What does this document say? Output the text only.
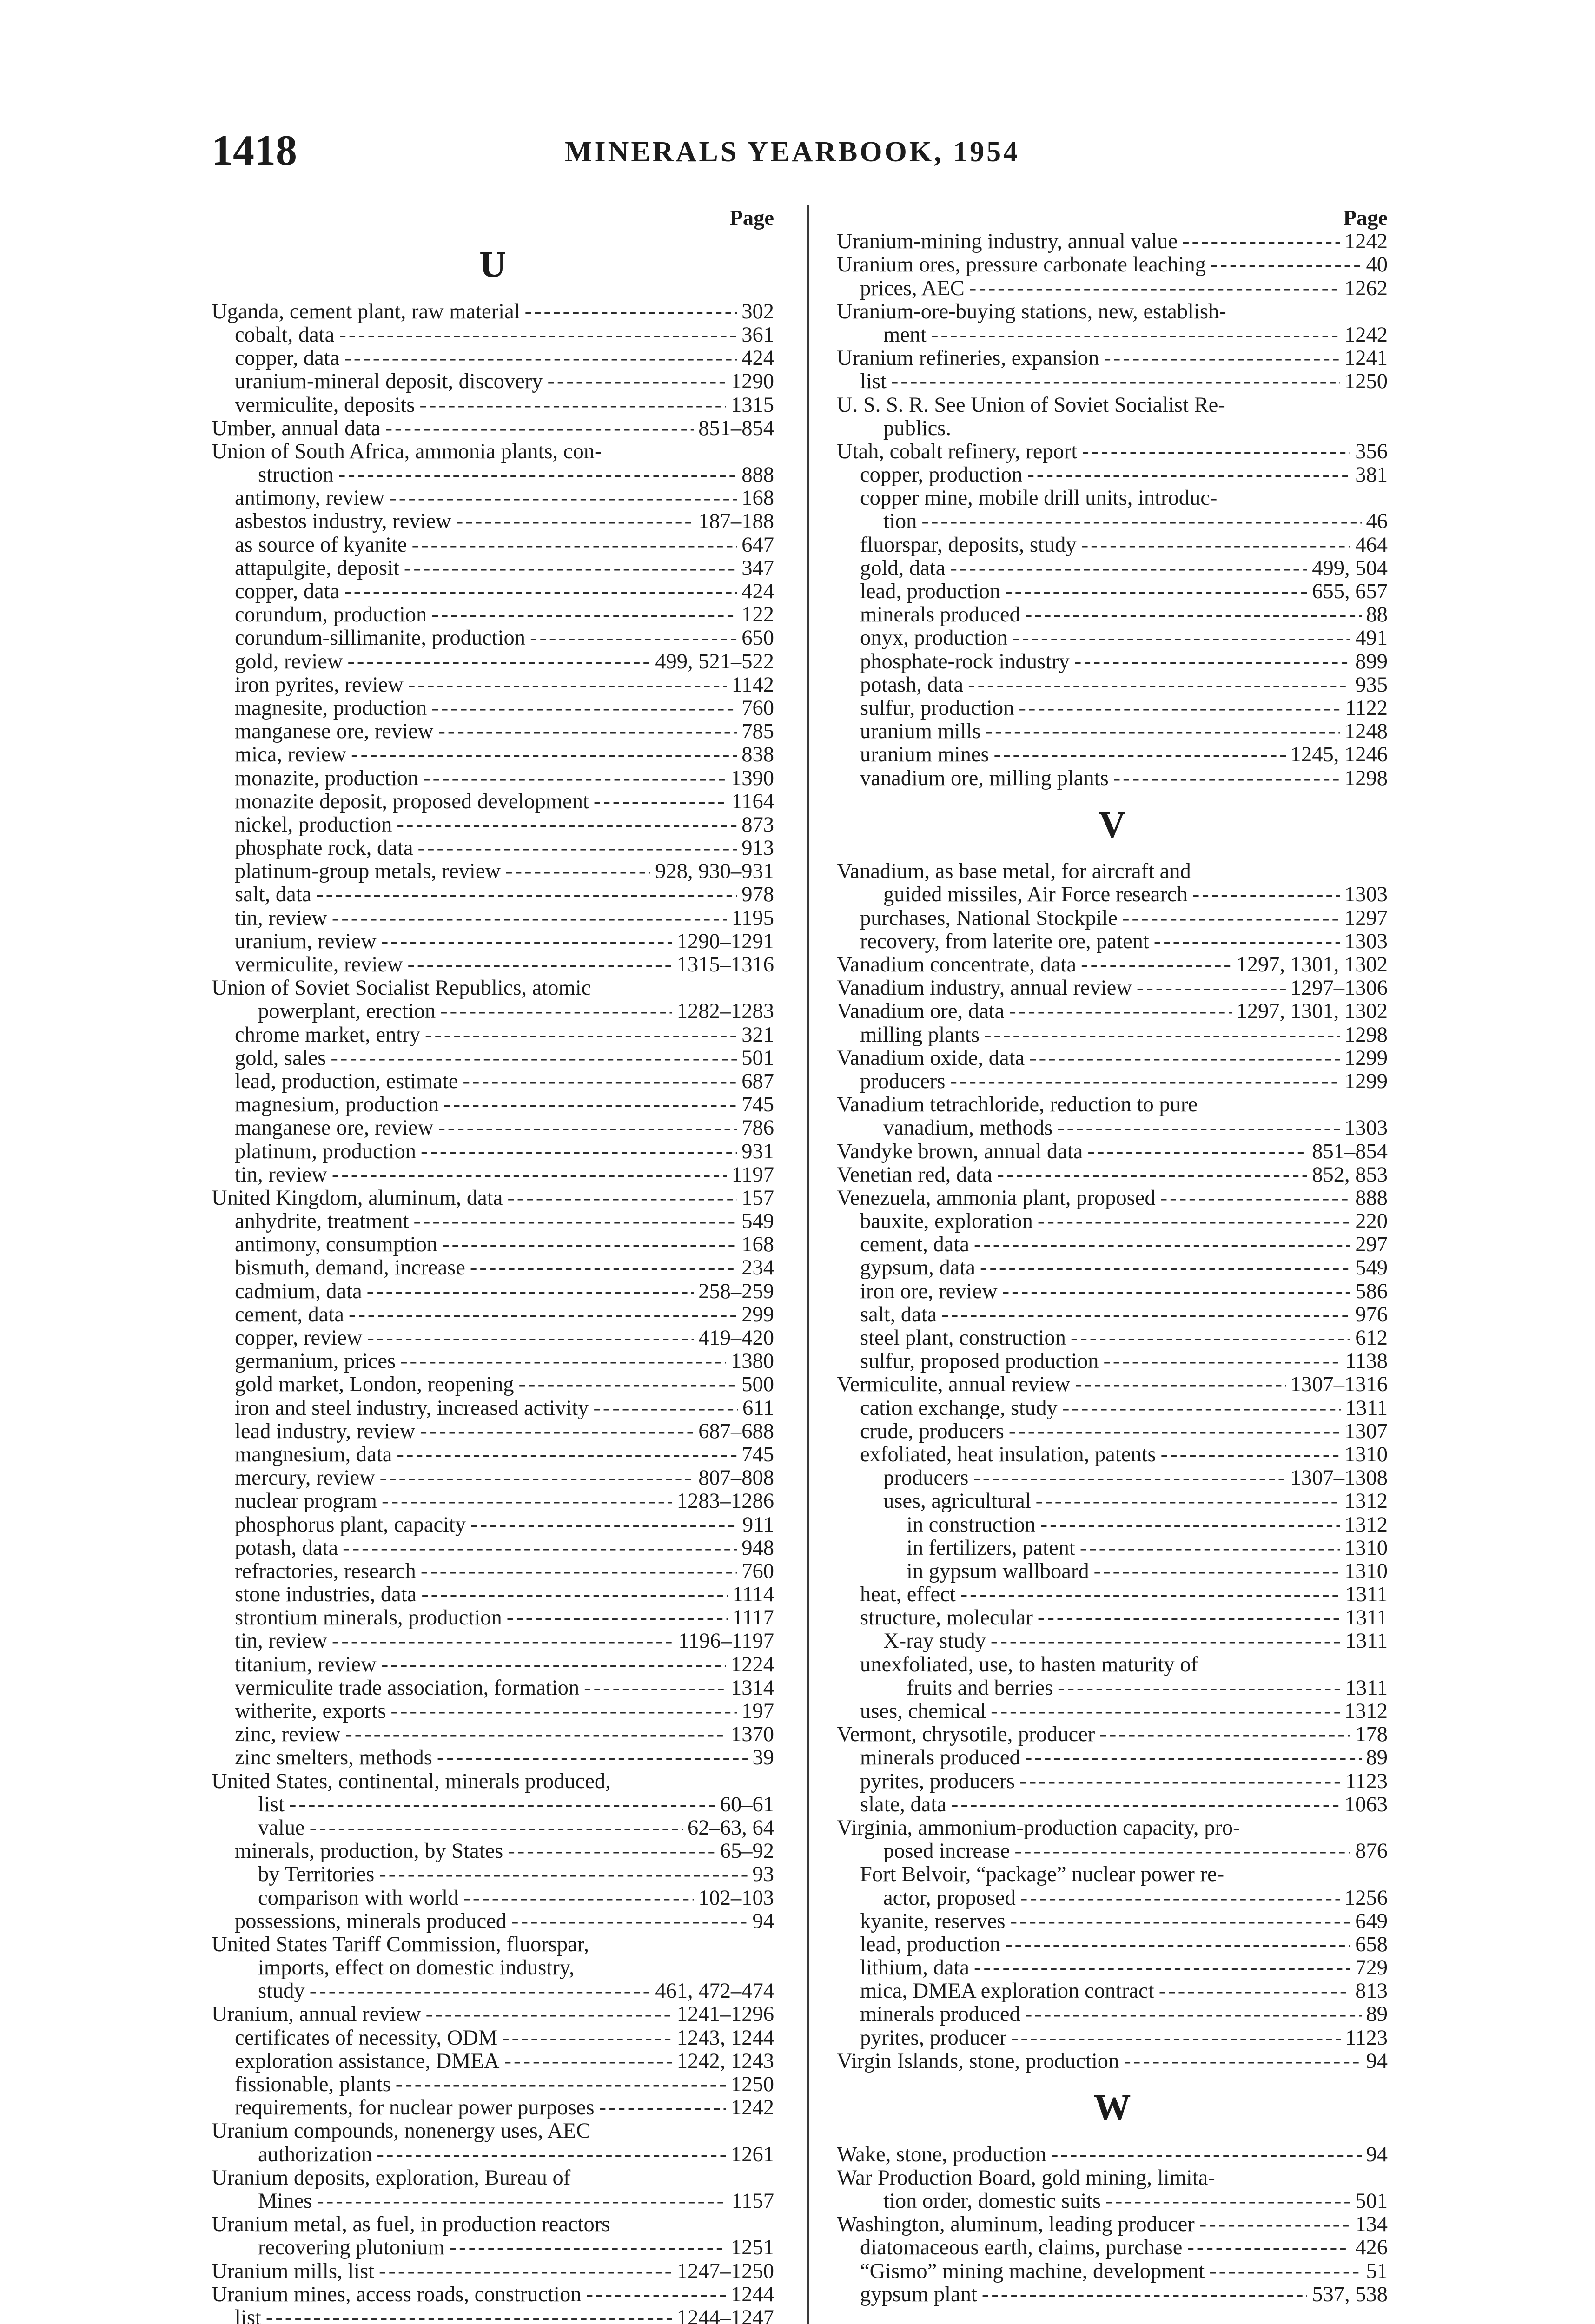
1418	MINERALS YEARBOOK, 1954
Page
U
Uganda, cement plant, raw material -----	302
cobalt, data -----	361
copper, data -----	424
uranium-mineral deposit, discovery -----	1290
vermiculite, deposits -----	1315
Umber, annual data -----	851–854
Union of South Africa, ammonia plants, con-
struction -----	888
antimony, review -----	168
asbestos industry, review -----	187–188
as source of kyanite -----	647
attapulgite, deposit -----	347
copper, data -----	424
corundum, production -----	122
corundum-sillimanite, production -----	650
gold, review -----	499, 521–522
iron pyrites, review -----	1142
magnesite, production -----	760
manganese ore, review -----	785
mica, review -----	838
monazite, production -----	1390
monazite deposit, proposed development -----	1164
nickel, production -----	873
phosphate rock, data -----	913
platinum-group metals, review -----	928, 930–931
salt, data -----	978
tin, review -----	1195
uranium, review -----	1290–1291
vermiculite, review -----	1315–1316
Union of Soviet Socialist Republics, atomic
powerplant, erection -----	1282–1283
chrome market, entry -----	321
gold, sales -----	501
lead, production, estimate -----	687
magnesium, production -----	745
manganese ore, review -----	786
platinum, production -----	931
tin, review -----	1197
United Kingdom, aluminum, data -----	157
anhydrite, treatment -----	549
antimony, consumption -----	168
bismuth, demand, increase -----	234
cadmium, data -----	258–259
cement, data -----	299
copper, review -----	419–420
germanium, prices -----	1380
gold market, London, reopening -----	500
iron and steel industry, increased activity -----	611
lead industry, review -----	687–688
mangnesium, data -----	745
mercury, review -----	807–808
nuclear program -----	1283–1286
phosphorus plant, capacity -----	911
potash, data -----	948
refractories, research -----	760
stone industries, data -----	1114
strontium minerals, production -----	1117
tin, review -----	1196–1197
titanium, review -----	1224
vermiculite trade association, formation -----	1314
witherite, exports -----	197
zinc, review -----	1370
zinc smelters, methods -----	39
United States, continental, minerals produced,
list -----	60–61
value -----	62–63, 64
minerals, production, by States -----	65–92
by Territories -----	93
comparison with world -----	102–103
possessions, minerals produced -----	94
United States Tariff Commission, fluorspar,
imports, effect on domestic industry,
study -----	461, 472–474
Uranium, annual review -----	1241–1296
certificates of necessity, ODM -----	1243, 1244
exploration assistance, DMEA -----	1242, 1243
fissionable, plants -----	1250
requirements, for nuclear power purposes -----	1242
Uranium compounds, nonenergy uses, AEC
authorization -----	1261
Uranium deposits, exploration, Bureau of
Mines -----	1157
Uranium metal, as fuel, in production reactors
recovering plutonium -----	1251
Uranium mills, list -----	1247–1250
Uranium mines, access roads, construction -----	1244
list -----	1244–1247
Page
Uranium-mining industry, annual value -----	1242
Uranium ores, pressure carbonate leaching -----	40
prices, AEC -----	1262
Uranium-ore-buying stations, new, establish-
ment -----	1242
Uranium refineries, expansion -----	1241
list -----	1250
U. S. S. R. See Union of Soviet Socialist Re-
publics.
Utah, cobalt refinery, report -----	356
copper, production -----	381
copper mine, mobile drill units, introduc-
tion -----	46
fluorspar, deposits, study -----	464
gold, data -----	499, 504
lead, production -----	655, 657
minerals produced -----	88
onyx, production -----	491
phosphate-rock industry -----	899
potash, data -----	935
sulfur, production -----	1122
uranium mills -----	1248
uranium mines -----	1245, 1246
vanadium ore, milling plants -----	1298
V
Vanadium, as base metal, for aircraft and
guided missiles, Air Force research -----	1303
purchases, National Stockpile -----	1297
recovery, from laterite ore, patent -----	1303
Vanadium concentrate, data -----	1297, 1301, 1302
Vanadium industry, annual review -----	1297–1306
Vanadium ore, data -----	1297, 1301, 1302
milling plants -----	1298
Vanadium oxide, data -----	1299
producers -----	1299
Vanadium tetrachloride, reduction to pure
vanadium, methods -----	1303
Vandyke brown, annual data -----	851–854
Venetian red, data -----	852, 853
Venezuela, ammonia plant, proposed -----	888
bauxite, exploration -----	220
cement, data -----	297
gypsum, data -----	549
iron ore, review -----	586
salt, data -----	976
steel plant, construction -----	612
sulfur, proposed production -----	1138
Vermiculite, annual review -----	1307–1316
cation exchange, study -----	1311
crude, producers -----	1307
exfoliated, heat insulation, patents -----	1310
producers -----	1307–1308
uses, agricultural -----	1312
in construction -----	1312
in fertilizers, patent -----	1310
in gypsum wallboard -----	1310
heat, effect -----	1311
structure, molecular -----	1311
X-ray study -----	1311
unexfoliated, use, to hasten maturity of
fruits and berries -----	1311
uses, chemical -----	1312
Vermont, chrysotile, producer -----	178
minerals produced -----	89
pyrites, producers -----	1123
slate, data -----	1063
Virginia, ammonium-production capacity, pro-
posed increase -----	876
Fort Belvoir, “package” nuclear power re-
actor, proposed -----	1256
kyanite, reserves -----	649
lead, production -----	658
lithium, data -----	729
mica, DMEA exploration contract -----	813
minerals produced -----	89
pyrites, producer -----	1123
Virgin Islands, stone, production -----	94
W
Wake, stone, production -----	94
War Production Board, gold mining, limita-
tion order, domestic suits -----	501
Washington, aluminum, leading producer -----	134
diatomaceous earth, claims, purchase -----	426
“Gismo” mining machine, development -----	51
gypsum plant -----	537, 538
